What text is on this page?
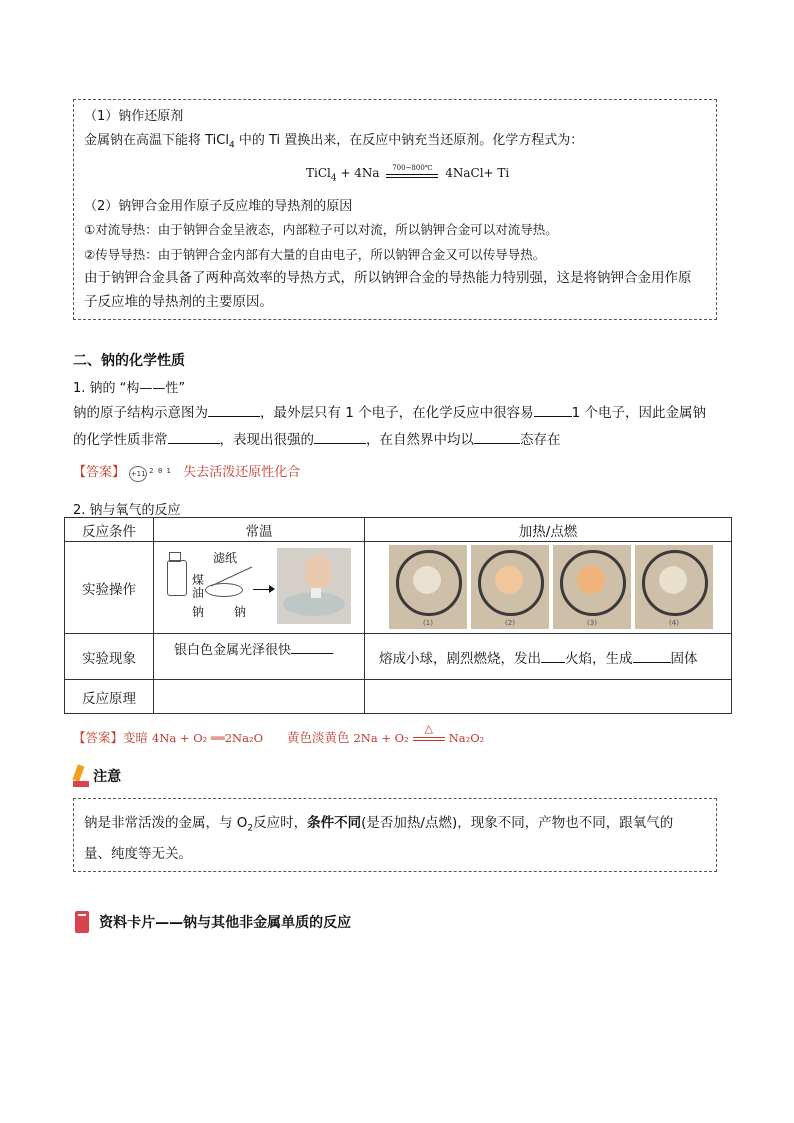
（1）钠作还原剂
金属钠在高温下能将 TiCl$_4$ 中的 Ti 置换出来，在反应中钠充当还原剂。化学方程式为：
TiCl$_4$ + 4Na	700~800℃	4NaCl+ Ti
（2）钠钾合金用作原子反应堆的导热剂的原因
①对流导热：由于钠钾合金呈液态，内部粒子可以对流，所以钠钾合金可以对流导热。
②传导导热：由于钠钾合金内部有大量的自由电子，所以钠钾合金又可以传导导热。
由于钠钾合金具备了两种高效率的导热方式，所以钠钾合金的导热能力特别强，这是将钠钾合金用作原
子反应堆的导热剂的主要原因。
二、钠的化学性质
1. 钠的 “构——性”
钠的原子结构示意图为	，最外层只有 1 个电子，在化学反应中很容易	1 个电子，因此金属钠
的化学性质非常	，表现出很强的	，在自然界中均以	态存在
【答案】 +11 2 8 1 失去活泼还原性化合
2. 钠与氧气的反应
反应条件	常温	加热/点燃
实验操作	滤纸
煤油
钠 钠	(1) (2) (3) (4)

实验现象	银白色金属光泽很快	熔成小球，剧烈燃烧，发出 火焰，生成 固体
反应原理		
【答案】变暗 4Na + O₂ ══2Na₂O 黄色淡黄色 2Na + O₂
△
Na₂O₂
注意
钠是非常活泼的金属，与 $O_2$反应时，条件不同(是否加热/点燃)，现象不同，产物也不同，跟氧气的
量、纯度等无关。
资料卡片——钠与其他非金属单质的反应
